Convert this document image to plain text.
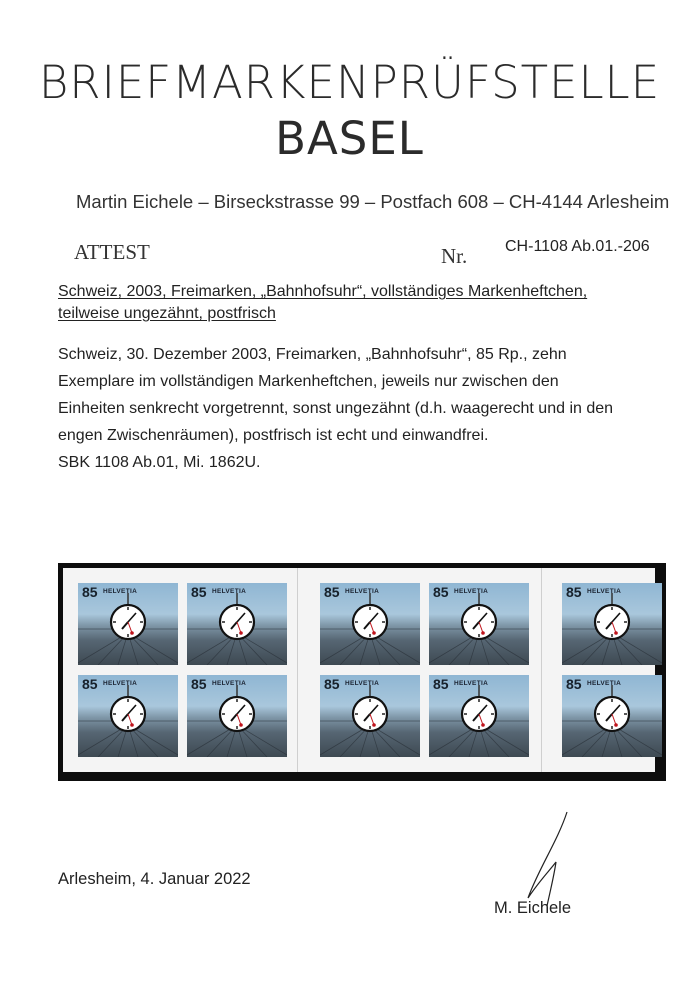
BRIEFMARKENPRÜFSTELLE
BASEL
Martin Eichele – Birseckstrasse 99 – Postfach 608 – CH-4144 Arlesheim
ATTEST	Nr. CH-1108 Ab.01.-206
Schweiz, 2003, Freimarken, „Bahnhofsuhr“, vollständiges Markenheftchen,
teilweise ungezähnt, postfrisch
Schweiz, 30. Dezember 2003, Freimarken, „Bahnhofsuhr“, 85 Rp., zehn
Exemplare im vollständigen Markenheftchen, jeweils nur zwischen den
Einheiten senkrecht vorgetrennt, sonst ungezähnt (d.h. waagerecht und in den
engen Zwischenräumen), postfrisch ist echt und einwandfrei.
SBK 1108 Ab.01, Mi. 1862U.
85 HELVETIA	85 HELVETIA	85 HELVETIA	85 HELVETIA	85 HELVETIA
85 HELVETIA	85 HELVETIA	85 HELVETIA	85 HELVETIA	85 HELVETIA
Arlesheim, 4. Januar 2022
M. Eichele
